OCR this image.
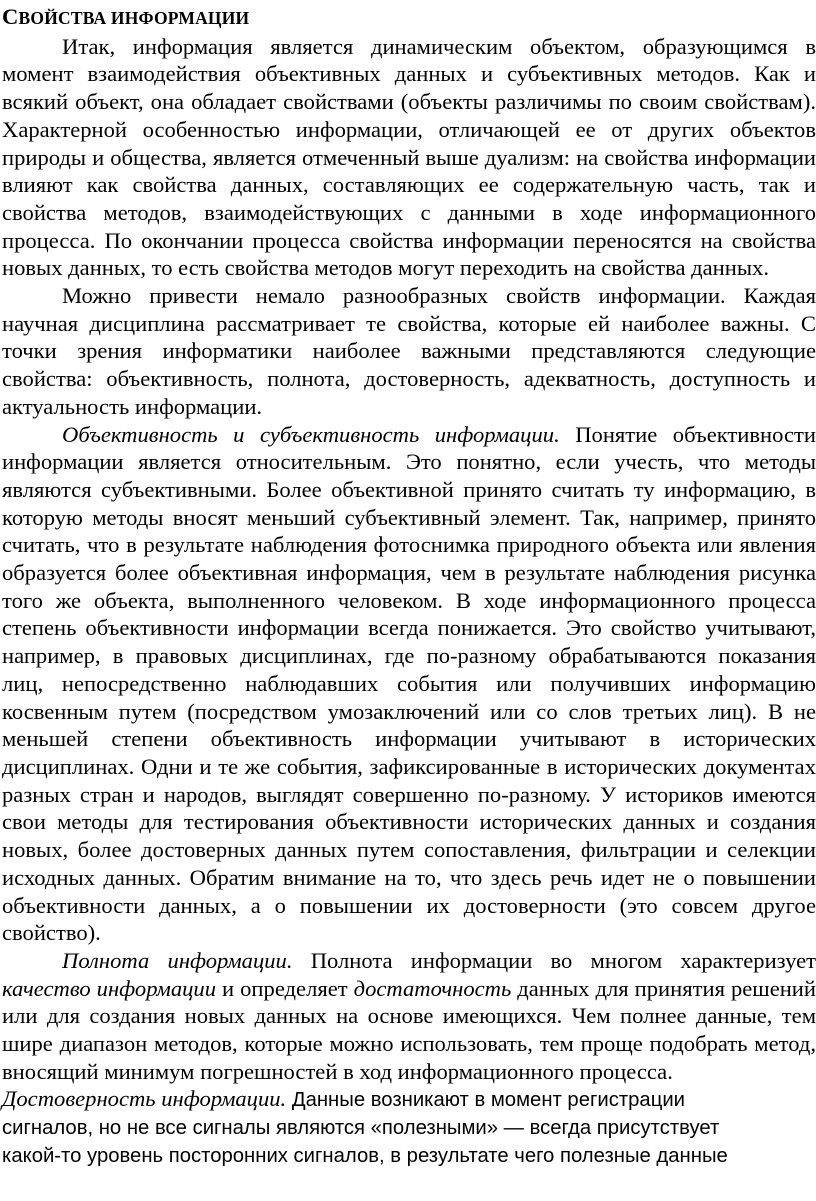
СВОЙСТВА ИНФОРМАЦИИ

Итак, информация является динамическим объектом, образующимся в момент взаимодействия объективных данных и субъективных методов. Как и всякий объект, она обладает свойствами (объекты различимы по своим свойствам). Характерной особенностью информации, отличающей ее от других объектов природы и общества, является отмеченный выше дуализм: на свойства информации влияют как свойства данных, составляющих ее содержательную часть, так и свойства методов, взаимодействующих с данными в ходе информационного процесса. По окончании процесса свойства информации переносятся на свойства новых данных, то есть свойства методов могут переходить на свойства данных.

Можно привести немало разнообразных свойств информации. Каждая научная дисциплина рассматривает те свойства, которые ей наиболее важны. С точки зрения информатики наиболее важными представляются следующие свойства: объективность, полнота, достоверность, адекватность, доступность и актуальность информации.

Объективность и субъективность информации. Понятие объективности информации является относительным. Это понятно, если учесть, что методы являются субъективными. Более объективной принято считать ту информацию, в которую методы вносят меньший субъективный элемент. Так, например, принято считать, что в результате наблюдения фотоснимка природного объекта или явления образуется более объективная информация, чем в результате наблюдения рисунка того же объекта, выполненного человеком. В ходе информационного процесса степень объективности информации всегда понижается. Это свойство учитывают, например, в правовых дисциплинах, где по-разному обрабатываются показания лиц, непосредственно наблюдавших события или получивших информацию косвенным путем (посредством умозаключений или со слов третьих лиц). В не меньшей степени объективность информации учитывают в исторических дисциплинах. Одни и те же события, зафиксированные в исторических документах разных стран и народов, выглядят совершенно по-разному. У историков имеются свои методы для тестирования объективности исторических данных и создания новых, более достоверных данных путем сопоставления, фильтрации и селекции исходных данных. Обратим внимание на то, что здесь речь идет не о повышении объективности данных, а о повышении их достоверности (это совсем другое свойство).

Полнота информации. Полнота информации во многом характеризует качество информации и определяет достаточность данных для принятия решений или для создания новых данных на основе имеющихся. Чем полнее данные, тем шире диапазон методов, которые можно использовать, тем проще подобрать метод, вносящий минимум погрешностей в ход информационного процесса.

Достоверность информации. Данные возникают в момент регистрации
сигналов, но не все сигналы являются «полезными» — всегда присутствует
какой-то уровень посторонних сигналов, в результате чего полезные данные
